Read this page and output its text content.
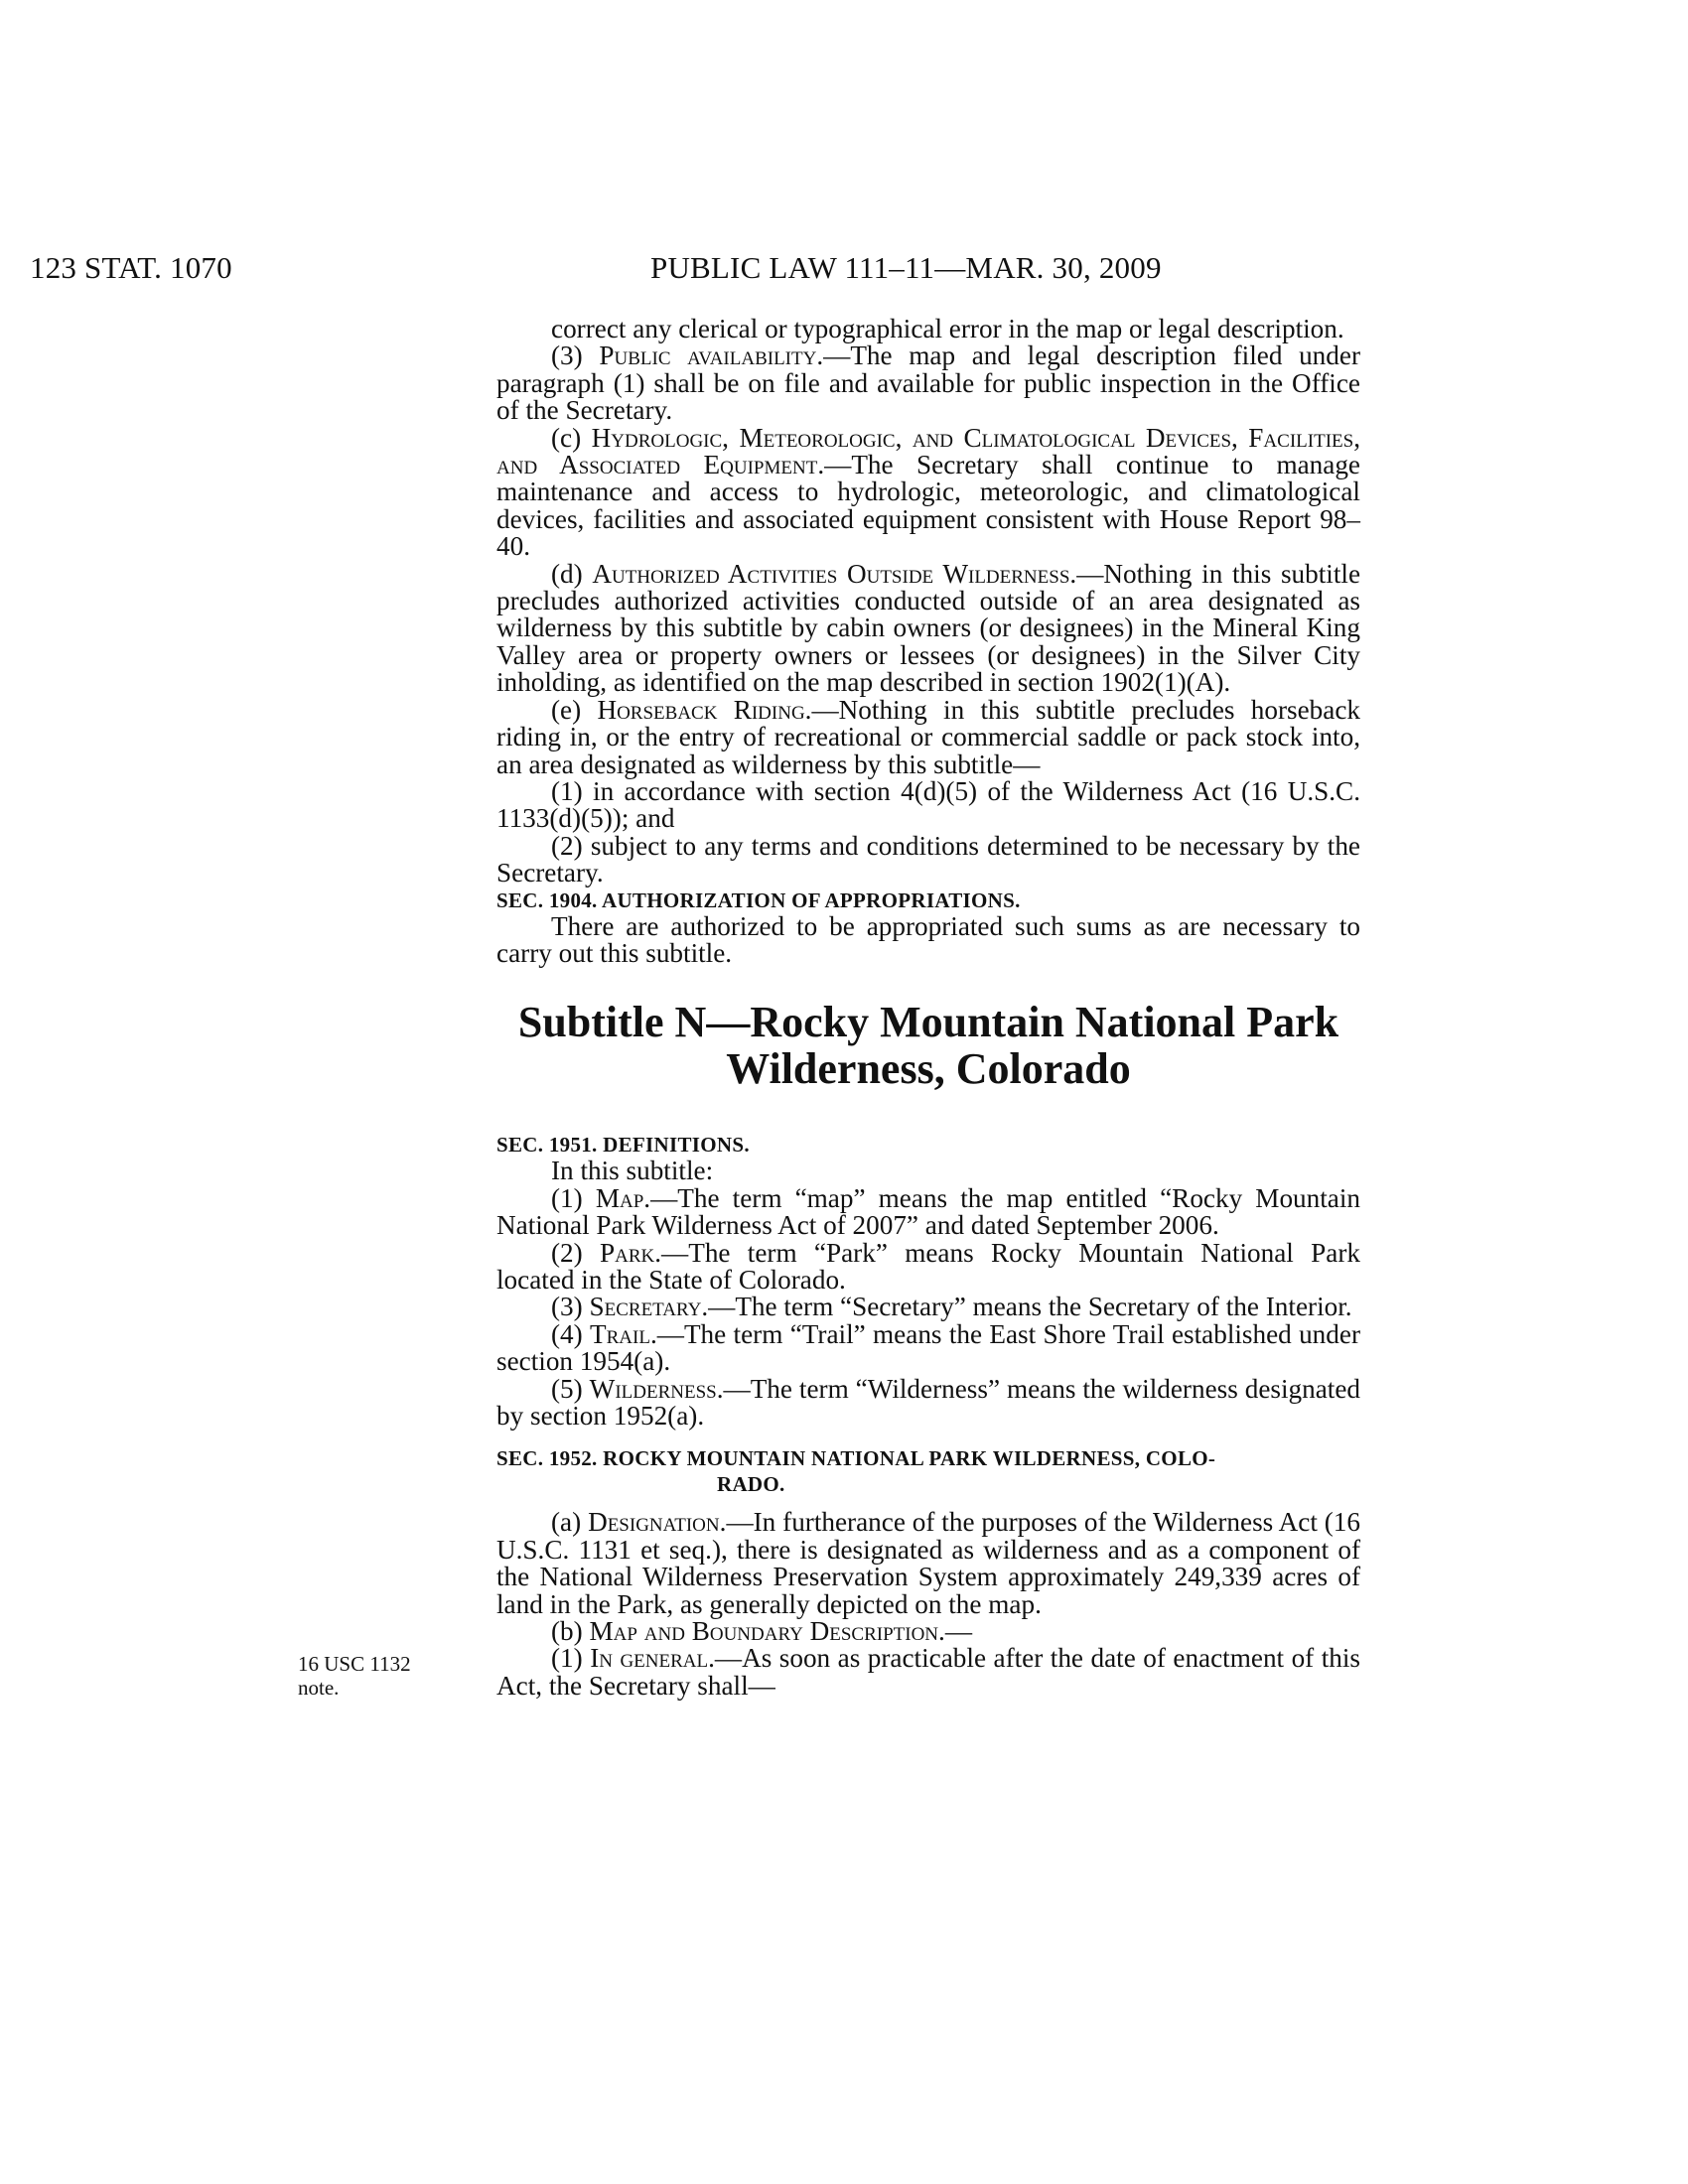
123 STAT. 1070	PUBLIC LAW 111–11—MAR. 30, 2009
16 USC 1132
note.

correct any clerical or typographical error in the map or legal description.

(3) Public availability.—The map and legal description filed under paragraph (1) shall be on file and available for public inspection in the Office of the Secretary.

(c) Hydrologic, Meteorologic, and Climatological Devices, Facilities, and Associated Equipment.—The Secretary shall continue to manage maintenance and access to hydrologic, meteorologic, and climatological devices, facilities and associated equipment consistent with House Report 98–40.

(d) Authorized Activities Outside Wilderness.—Nothing in this subtitle precludes authorized activities conducted outside of an area designated as wilderness by this subtitle by cabin owners (or designees) in the Mineral King Valley area or property owners or lessees (or designees) in the Silver City inholding, as identified on the map described in section 1902(1)(A).

(e) Horseback Riding.—Nothing in this subtitle precludes horseback riding in, or the entry of recreational or commercial saddle or pack stock into, an area designated as wilderness by this subtitle—

(1) in accordance with section 4(d)(5) of the Wilderness Act (16 U.S.C. 1133(d)(5)); and

(2) subject to any terms and conditions determined to be necessary by the Secretary.

SEC. 1904. AUTHORIZATION OF APPROPRIATIONS.

There are authorized to be appropriated such sums as are necessary to carry out this subtitle.

Subtitle N—Rocky Mountain National Park
Wilderness, Colorado

SEC. 1951. DEFINITIONS.

In this subtitle:

(1) Map.—The term “map” means the map entitled “Rocky Mountain National Park Wilderness Act of 2007” and dated September 2006.

(2) Park.—The term “Park” means Rocky Mountain National Park located in the State of Colorado.

(3) Secretary.—The term “Secretary” means the Secretary of the Interior.

(4) Trail.—The term “Trail” means the East Shore Trail established under section 1954(a).

(5) Wilderness.—The term “Wilderness” means the wilderness designated by section 1952(a).

SEC. 1952. ROCKY MOUNTAIN NATIONAL PARK WILDERNESS, COLO-
RADO.

(a) Designation.—In furtherance of the purposes of the Wilderness Act (16 U.S.C. 1131 et seq.), there is designated as wilderness and as a component of the National Wilderness Preservation System approximately 249,339 acres of land in the Park, as generally depicted on the map.

(b) Map and Boundary Description.—

(1) In general.—As soon as practicable after the date of enactment of this Act, the Secretary shall—
